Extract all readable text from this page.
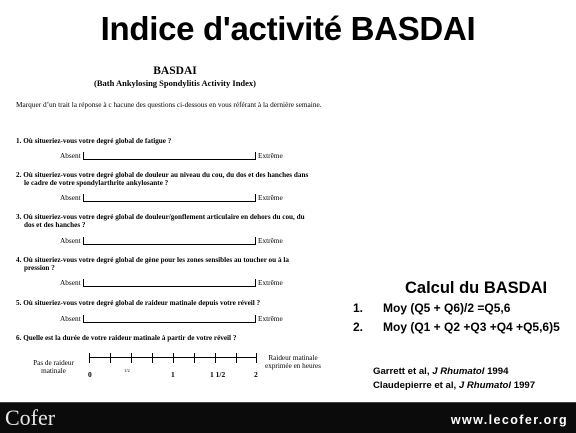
Indice d'activité BASDAI
BASDAI
(Bath Ankylosing Spondylitis Activity Index)
Marquer d’un trait la réponse à c hacune des questions ci-dessous en vous référant à la dernière semaine.
1. Où situeriez-vous votre degré global de fatigue ?
Absent	Extrême
2. Où situeriez-vous votre degré global de douleur au niveau du cou, du dos et des hanches dans
le cadre de votre spondylarthrite ankylosante ?
Absent	Extrême
3. Où situeriez-vous votre degré global de douleur/gonflement articulaire en dehors du cou, du
dos et des hanches ?
Absent	Extrême
4. Où situeriez-vous votre degré global de gène pour les zones sensibles au toucher ou à la
pression ?
Absent	Extrême
5. Où situeriez-vous votre degré global de raideur matinale depuis votre réveil ?
Absent	Extrême
6. Quelle est la durée de votre raideur matinale à partir de votre réveil ?
Pas de raideur matinale	0	1/2	1	1 1/2	2
Raideur matinale exprimée en heures
Calcul du BASDAI
1. Moy (Q5 + Q6)/2 =Q5,6
2. Moy (Q1 + Q2 +Q3 +Q4 +Q5,6)5
Garrett et al, J Rhumatol 1994
Claudepierre et al, J Rhumatol 1997
Cofer	www.lecofer.org
